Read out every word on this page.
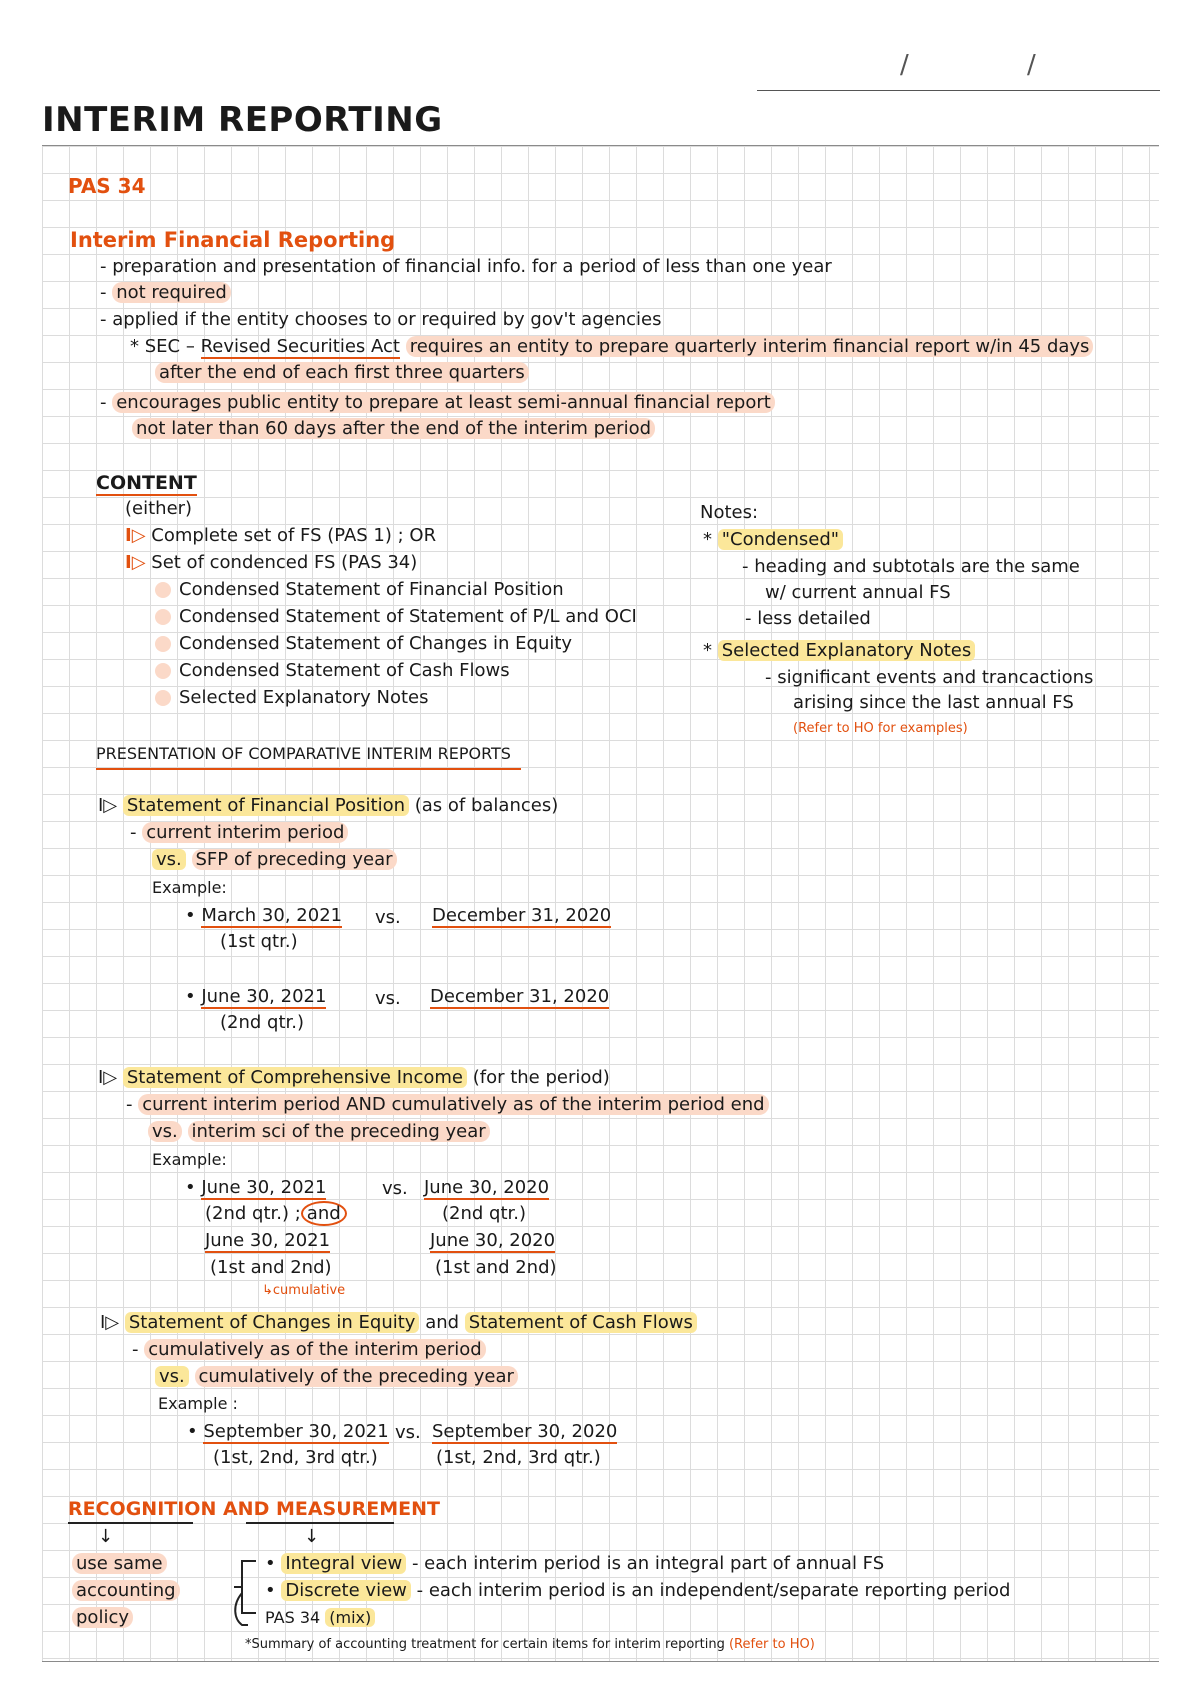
/	/
INTERIM REPORTING
PAS 34
Interim Financial Reporting
- preparation and presentation of financial info. for a period of less than one year
- not required
- applied if the entity chooses to or required by gov't agencies
* SEC – Revised Securities Act requires an entity to prepare quarterly interim financial report w/in 45 days
after the end of each first three quarters
- encourages public entity to prepare at least semi-annual financial report
not later than 60 days after the end of the interim period
CONTENT
(either)
I▷ Complete set of FS (PAS 1) ; OR
I▷ Set of condenced FS (PAS 34)
Condensed Statement of Financial Position
Condensed Statement of Statement of P/L and OCI
Condensed Statement of Changes in Equity
Condensed Statement of Cash Flows
Selected Explanatory Notes
Notes:
* "Condensed"
- heading and subtotals are the same
w/ current annual FS
- less detailed
* Selected Explanatory Notes
- significant events and trancactions
arising since the last annual FS
(Refer to HO for examples)
PRESENTATION OF COMPARATIVE INTERIM REPORTS
I▷ Statement of Financial Position (as of balances)
- current interim period
vs. SFP of preceding year
Example:
• March 30, 2021
(1st qtr.)
vs. December 31, 2020
• June 30, 2021
(2nd qtr.)
vs. December 31, 2020
I▷ Statement of Comprehensive Income (for the period)
- current interim period AND cumulatively as of the interim period end
vs. interim sci of the preceding year
Example:
• June 30, 2021
(2nd qtr.) ; and
June 30, 2021
(1st and 2nd)
↳cumulative
vs. June 30, 2020
(2nd qtr.)
June 30, 2020
(1st and 2nd)
I▷ Statement of Changes in Equity and Statement of Cash Flows
- cumulatively as of the interim period
vs. cumulatively of the preceding year
Example :
• September 30, 2021
(1st, 2nd, 3rd qtr.)
vs. September 30, 2020
(1st, 2nd, 3rd qtr.)
RECOGNITION AND MEASUREMENT
↓	↓
use same
accounting
policy
• Integral view - each interim period is an integral part of annual FS
• Discrete view - each interim period is an independent/separate reporting period
PAS 34 (mix)
*Summary of accounting treatment for certain items for interim reporting (Refer to HO)
